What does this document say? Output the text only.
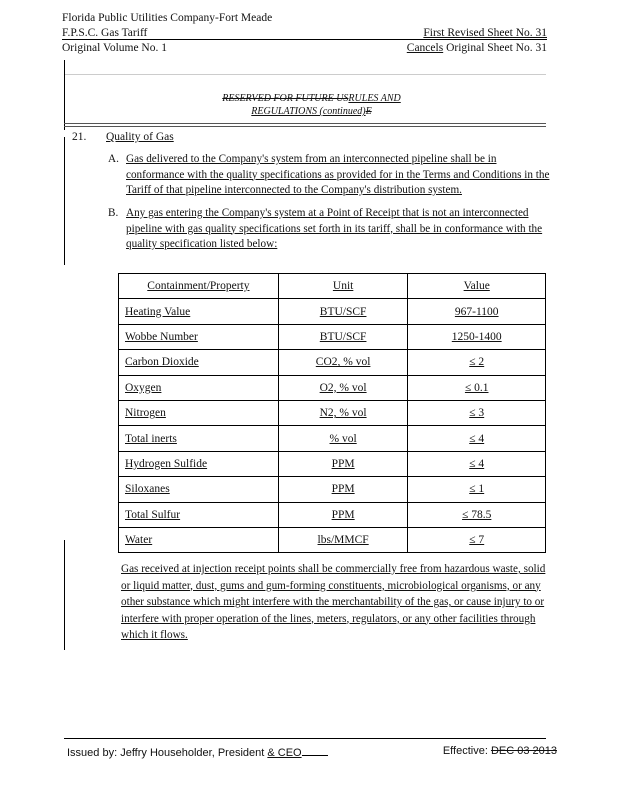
Florida Public Utilities Company-Fort Meade
F.P.S.C. Gas Tariff	First Revised Sheet No. 31
Original Volume No. 1	Cancels Original Sheet No. 31
RESERVED FOR FUTURE USRULES AND
REGULATIONS (continued)E
21. Quality of Gas
A. Gas delivered to the Company's system from an interconnected pipeline shall be in conformance with the quality specifications as provided for in the Terms and Conditions in the Tariff of that pipeline interconnected to the Company's distribution system.
B. Any gas entering the Company's system at a Point of Receipt that is not an interconnected pipeline with gas quality specifications set forth in its tariff, shall be in conformance with the quality specification listed below:
Containment/Property	Unit	Value
Heating Value	BTU/SCF	967-1100
Wobbe Number	BTU/SCF	1250-1400
Carbon Dioxide	CO2, % vol	≤ 2
Oxygen	O2, % vol	≤ 0.1
Nitrogen	N2, % vol	≤ 3
Total inerts	% vol	≤ 4
Hydrogen Sulfide	PPM	≤ 4
Siloxanes	PPM	≤ 1
Total Sulfur	PPM	≤ 78.5
Water	lbs/MMCF	≤ 7
Gas received at injection receipt points shall be commercially free from hazardous waste, solid or liquid matter, dust, gums and gum-forming constituents, microbiological organisms, or any other substance which might interfere with the merchantability of the gas, or cause injury to or interfere with proper operation of the lines, meters, regulators, or any other facilities through which it flows.
Issued by: Jeffry Householder, President & CEO	Effective: DEC 03 2013
